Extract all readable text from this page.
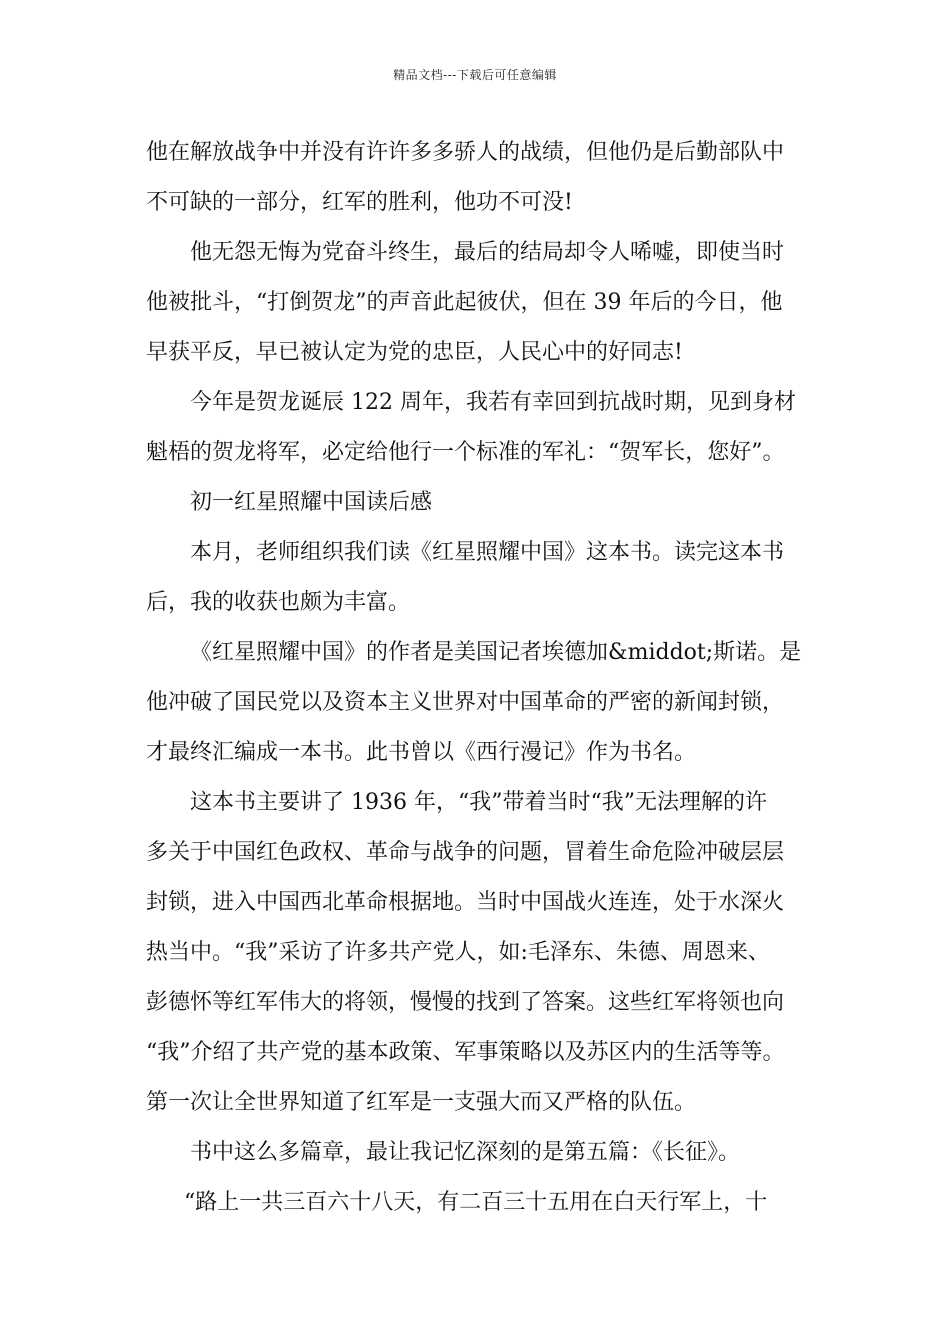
精品文档---下载后可任意编辑
他在解放战争中并没有许许多多骄人的战绩，但他仍是后勤部队中
不可缺的一部分，红军的胜利，他功不可没!
他无怨无悔为党奋斗终生，最后的结局却令人唏嘘，即使当时
他被批斗，“打倒贺龙”的声音此起彼伏，但在 39 年后的今日，他
早获平反，早已被认定为党的忠臣，人民心中的好同志!
今年是贺龙诞辰 122 周年，我若有幸回到抗战时期，见到身材
魁梧的贺龙将军，必定给他行一个标准的军礼：“贺军长，您好”。
初一红星照耀中国读后感
本月，老师组织我们读《红星照耀中国》这本书。读完这本书
后，我的收获也颇为丰富。
《红星照耀中国》的作者是美国记者埃德加&middot;斯诺。是
他冲破了国民党以及资本主义世界对中国革命的严密的新闻封锁，
才最终汇编成一本书。此书曾以《西行漫记》作为书名。
这本书主要讲了 1936 年，“我”带着当时“我”无法理解的许
多关于中国红色政权、革命与战争的问题，冒着生命危险冲破层层
封锁，进入中国西北革命根据地。当时中国战火连连，处于水深火
热当中。“我”采访了许多共产党人，如:毛泽东、朱德、周恩来、
彭德怀等红军伟大的将领，慢慢的找到了答案。这些红军将领也向
“我”介绍了共产党的基本政策、军事策略以及苏区内的生活等等。
第一次让全世界知道了红军是一支强大而又严格的队伍。
书中这么多篇章，最让我记忆深刻的是第五篇：《长征》。
“路上一共三百六十八天，有二百三十五用在白天行军上，十
